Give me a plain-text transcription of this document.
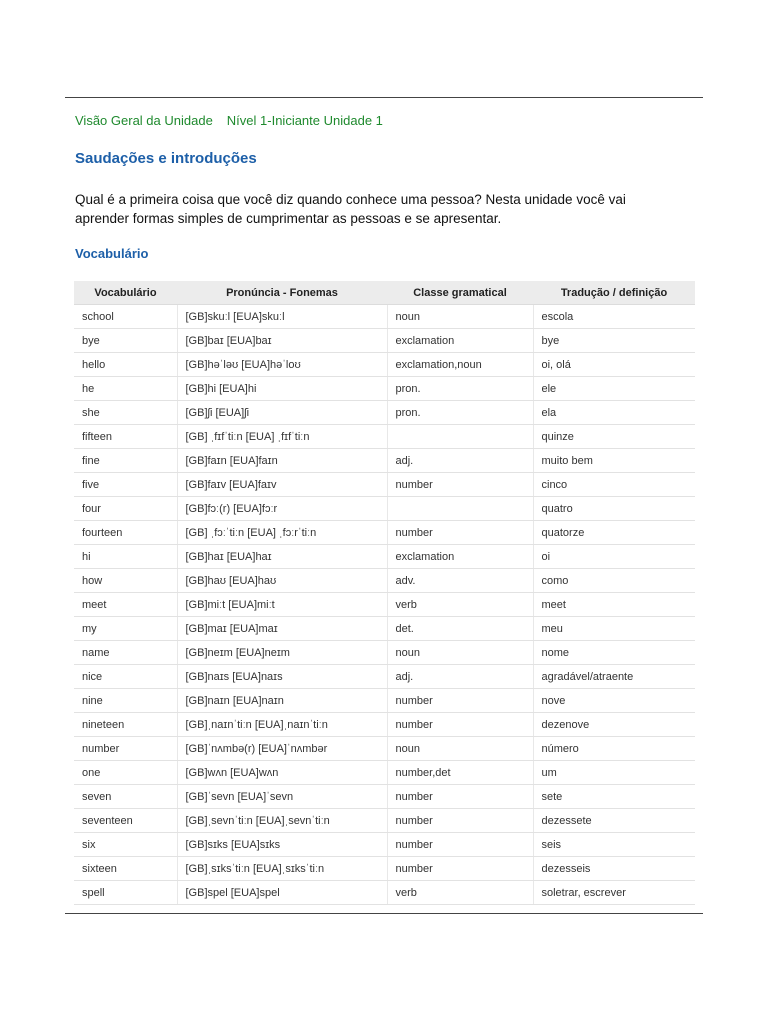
Visão Geral da Unidade Nível 1-Iniciante Unidade 1
Saudações e introduções

Qual é a primeira coisa que você diz quando conhece uma pessoa? Nesta unidade você vai aprender formas simples de cumprimentar as pessoas e se apresentar.

Vocabulário
Vocabulário	Pronúncia - Fonemas	Classe gramatical	Tradução / definição
school	[GB]skuːl [EUA]skuːl	noun	escola
bye	[GB]baɪ [EUA]baɪ	exclamation	bye
hello	[GB]həˈləʊ [EUA]həˈloʊ	exclamation,noun	oi, olá
he	[GB]hi [EUA]hi	pron.	ele
she	[GB]ʃi [EUA]ʃi	pron.	ela
fifteen	[GB] ˌfɪfˈtiːn [EUA] ˌfɪfˈtiːn		quinze
fine	[GB]faɪn [EUA]faɪn	adj.	muito bem
five	[GB]faɪv [EUA]faɪv	number	cinco
four	[GB]fɔː(r) [EUA]fɔːr		quatro
fourteen	[GB] ˌfɔːˈtiːn [EUA] ˌfɔːrˈtiːn	number	quatorze
hi	[GB]haɪ [EUA]haɪ	exclamation	oi
how	[GB]haʊ [EUA]haʊ	adv.	como
meet	[GB]miːt [EUA]miːt	verb	meet
my	[GB]maɪ [EUA]maɪ	det.	meu
name	[GB]neɪm [EUA]neɪm	noun	nome
nice	[GB]naɪs [EUA]naɪs	adj.	agradável/atraente
nine	[GB]naɪn [EUA]naɪn	number	nove
nineteen	[GB]ˌnaɪnˈtiːn [EUA]ˌnaɪnˈtiːn	number	dezenove
number	[GB]ˈnʌmbə(r) [EUA]ˈnʌmbər	noun	número
one	[GB]wʌn [EUA]wʌn	number,det	um
seven	[GB]ˈsevn [EUA]ˈsevn	number	sete
seventeen	[GB]ˌsevnˈtiːn [EUA]ˌsevnˈtiːn	number	dezessete
six	[GB]sɪks [EUA]sɪks	number	seis
sixteen	[GB]ˌsɪksˈtiːn [EUA]ˌsɪksˈtiːn	number	dezesseis
spell	[GB]spel [EUA]spel	verb	soletrar, escrever
